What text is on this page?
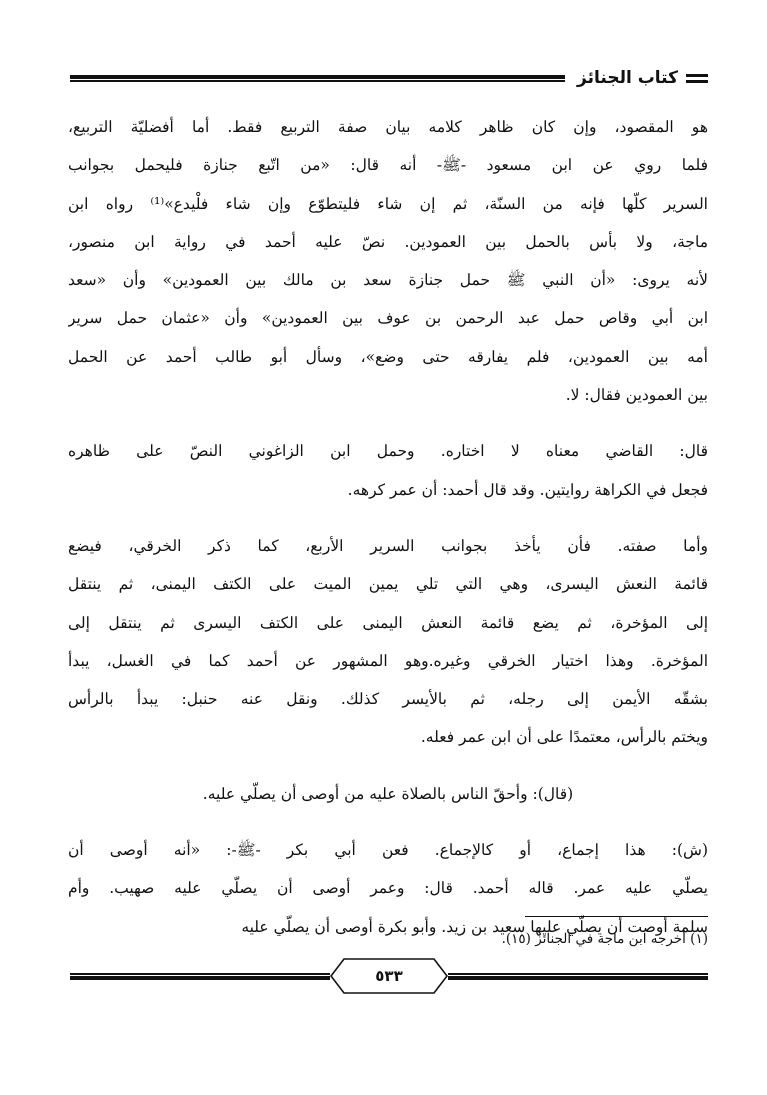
كتاب الجنائز
هو المقصود، وإن كان ظاهر كلامه بيان صفة التربيع فقط. أما أفضليّة التربيع،
فلما روي عن ابن مسعود -ﷺ- أنه قال: «من اتّبع جنازة فليحمل بجوانب
السرير كلّها فإنه من السنّة، ثم إن شاء فليتطوّع وإن شاء فلْيدع»⁽¹⁾ رواه ابن
ماجة، ولا بأس بالحمل بين العمودين. نصّ عليه أحمد في رواية ابن منصور،
لأنه يروى: «أن النبي ﷺ حمل جنازة سعد بن مالك بين العمودين» وأن «سعد
ابن أبي وقاص حمل عبد الرحمن بن عوف بين العمودين» وأن «عثمان حمل سرير
أمه بين العمودين، فلم يفارقه حتى وضع»، وسأل أبو طالب أحمد عن الحمل
بين العمودين فقال: لا.
قال: القاضي معناه لا اختاره. وحمل ابن الزاغوني النصّ على ظاهره
فجعل في الكراهة روايتين. وقد قال أحمد: أن عمر كرهه.
وأما صفته. فأن يأخذ بجوانب السرير الأربع، كما ذكر الخرقي، فيضع
قائمة النعش اليسرى، وهي التي تلي يمين الميت على الكتف اليمنى، ثم ينتقل
إلى المؤخرة، ثم يضع قائمة النعش اليمنى على الكتف اليسرى ثم ينتقل إلى
المؤخرة. وهذا اختيار الخرقي وغيره.وهو المشهور عن أحمد كما في الغسل، يبدأ
بشقّه الأيمن إلى رجله، ثم بالأيسر كذلك. ونقل عنه حنبل: يبدأ بالرأس
ويختم بالرأس، معتمدًا على أن ابن عمر فعله.
(قال): وأحقّ الناس بالصلاة عليه من أوصى أن يصلّي عليه.
(ش): هذا إجماع، أو كالإجماع. فعن أبي بكر -ﷺ-: «أنه أوصى أن
يصلّي عليه عمر. قاله أحمد. قال: وعمر أوصى أن يصلّي عليه صهيب. وأم
سلمة أوصت أن يصلّي عليها سعيد بن زيد. وأبو بكرة أوصى أن يصلّي عليه
(١) أخرجه ابن ماجة في الجنائز (١٥).
٥٣٣
